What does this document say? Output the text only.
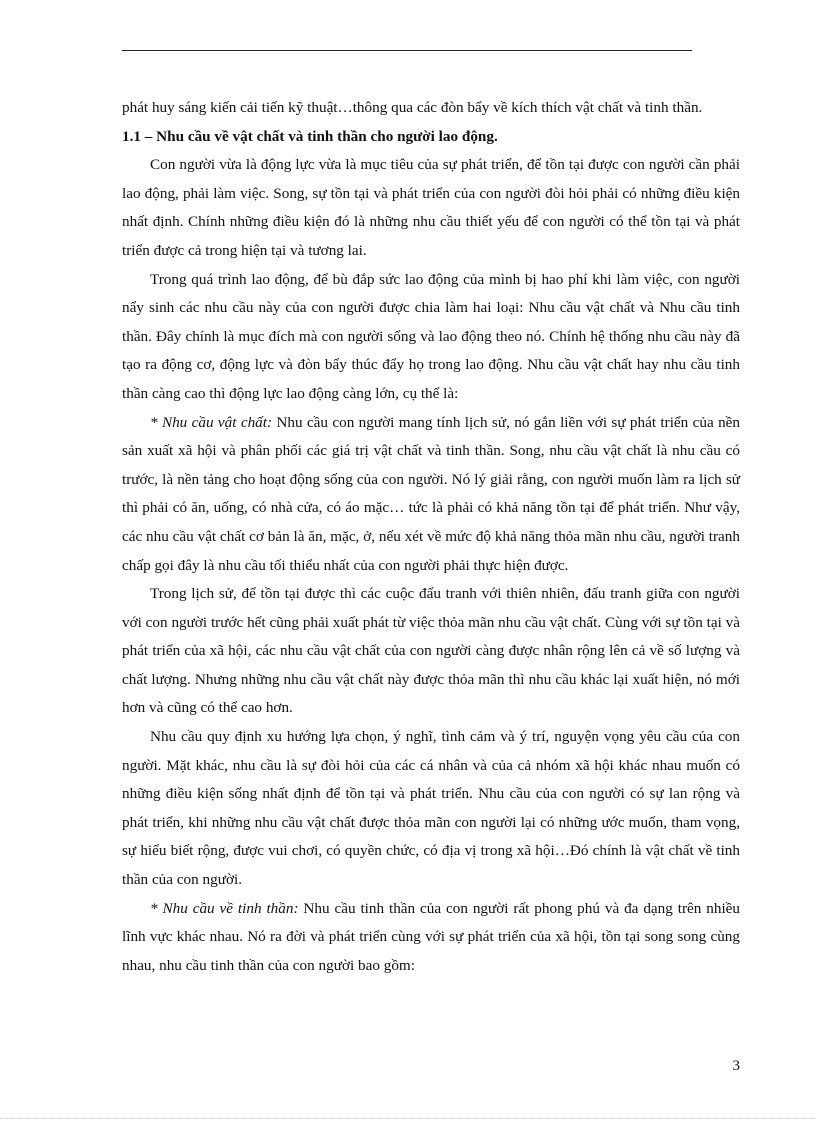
phát huy sáng kiến cải tiến kỹ thuật…thông qua các đòn bẩy về kích thích vật chất và tinh thần.

1.1 – Nhu cầu về vật chất và tinh thần cho người lao động.

Con người vừa là động lực vừa là mục tiêu của sự phát triển, để tồn tại được con người cần phải lao động, phải làm việc. Song, sự tồn tại và phát triển của con người đòi hỏi phải có những điều kiện nhất định. Chính những điều kiện đó là những nhu cầu thiết yếu để con người có thể tồn tại và phát triển được cả trong hiện tại và tương lai.

Trong quá trình lao động, để bù đắp sức lao động của mình bị hao phí khi làm việc, con người nẩy sinh các nhu cầu này của con người được chia làm hai loại: Nhu cầu vật chất và Nhu cầu tinh thần. Đây chính là mục đích mà con người sống và lao động theo nó. Chính hệ thống nhu cầu này đã tạo ra động cơ, động lực và đòn bẩy thúc đẩy họ trong lao động. Nhu cầu vật chất hay nhu cầu tinh thần càng cao thì động lực lao động càng lớn, cụ thể là:

* Nhu cầu vật chất: Nhu cầu con người mang tính lịch sử, nó gắn liền với sự phát triển của nền sản xuất xã hội và phân phối các giá trị vật chất và tinh thần. Song, nhu cầu vật chất là nhu cầu có trước, là nền tảng cho hoạt động sống của con người. Nó lý giải rằng, con người muốn làm ra lịch sử thì phải có ăn, uống, có nhà cửa, có áo mặc… tức là phải có khả năng tồn tại để phát triển. Như vậy, các nhu cầu vật chất cơ bản là ăn, mặc, ở, nếu xét về mức độ khả năng thỏa mãn nhu cầu, người tranh chấp gọi đây là nhu cầu tối thiểu nhất của con người phải thực hiện được.

Trong lịch sử, để tồn tại được thì các cuộc đấu tranh với thiên nhiên, đấu tranh giữa con người với con người trước hết cũng phải xuất phát từ việc thỏa mãn nhu cầu vật chất. Cùng với sự tồn tại và phát triển của xã hội, các nhu cầu vật chất của con người càng được nhân rộng lên cả về số lượng và chất lượng. Nhưng những nhu cầu vật chất này được thỏa mãn thì nhu cầu khác lại xuất hiện, nó mới hơn và cũng có thể cao hơn.

Nhu cầu quy định xu hướng lựa chọn, ý nghĩ, tình cảm và ý trí, nguyện vọng yêu cầu của con người. Mặt khác, nhu cầu là sự đòi hỏi của các cá nhân và của cả nhóm xã hội khác nhau muốn có những điều kiện sống nhất định để tồn tại và phát triển. Nhu cầu của con người có sự lan rộng và phát triển, khi những nhu cầu vật chất được thỏa mãn con người lại có những ước muốn, tham vọng, sự hiểu biết rộng, được vui chơi, có quyền chức, có địa vị trong xã hội…Đó chính là vật chất về tinh thần của con người.

* Nhu cầu về tinh thần: Nhu cầu tinh thần của con người rất phong phú và đa dạng trên nhiều lĩnh vực khác nhau. Nó ra đời và phát triển cùng với sự phát triển của xã hội, tồn tại song song cùng nhau, nhu cầu tinh thần của con người bao gồm:

3
